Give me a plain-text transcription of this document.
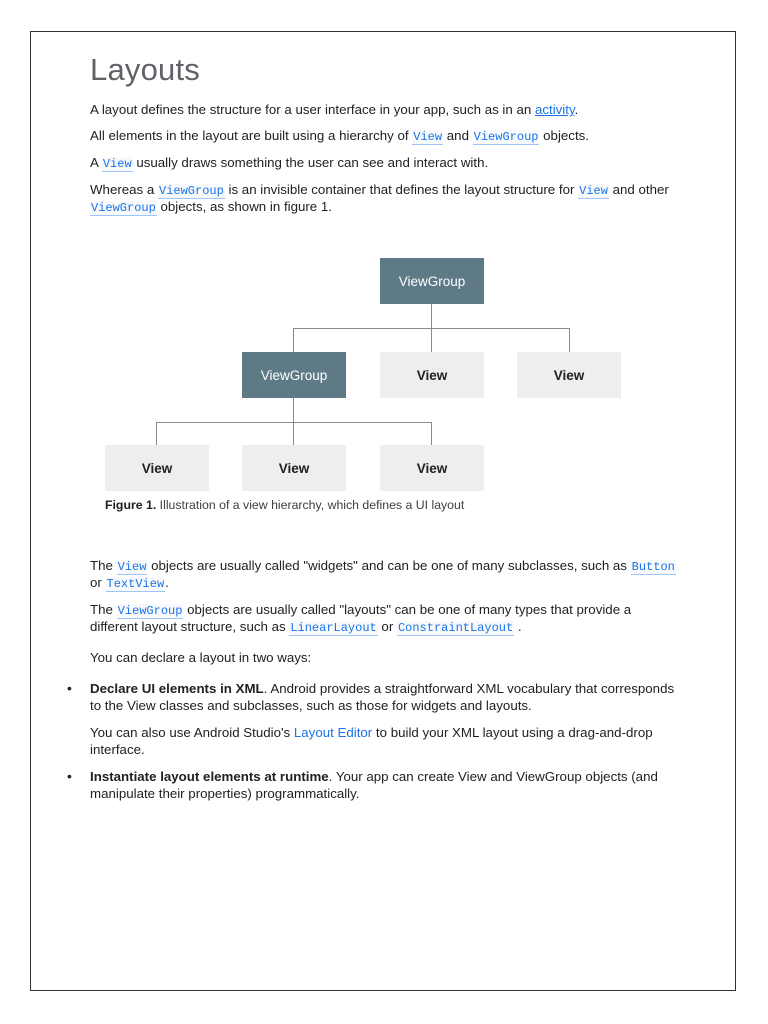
Layouts

A layout defines the structure for a user interface in your app, such as in an activity.

All elements in the layout are built using a hierarchy of View and ViewGroup objects.

A View usually draws something the user can see and interact with.

Whereas a ViewGroup is an invisible container that defines the layout structure for View and other ViewGroup objects, as shown in figure 1.

ViewGroup
ViewGroup	View	View
View	View	View
Figure 1. Illustration of a view hierarchy, which defines a UI layout

The View objects are usually called "widgets" and can be one of many subclasses, such as Button or TextView.

The ViewGroup objects are usually called "layouts" can be one of many types that provide a different layout structure, such as LinearLayout or ConstraintLayout .

You can declare a layout in two ways:

• Declare UI elements in XML. Android provides a straightforward XML vocabulary that corresponds to the View classes and subclasses, such as those for widgets and layouts.

You can also use Android Studio's Layout Editor to build your XML layout using a drag-and-drop interface.

• Instantiate layout elements at runtime. Your app can create View and ViewGroup objects (and manipulate their properties) programmatically.
